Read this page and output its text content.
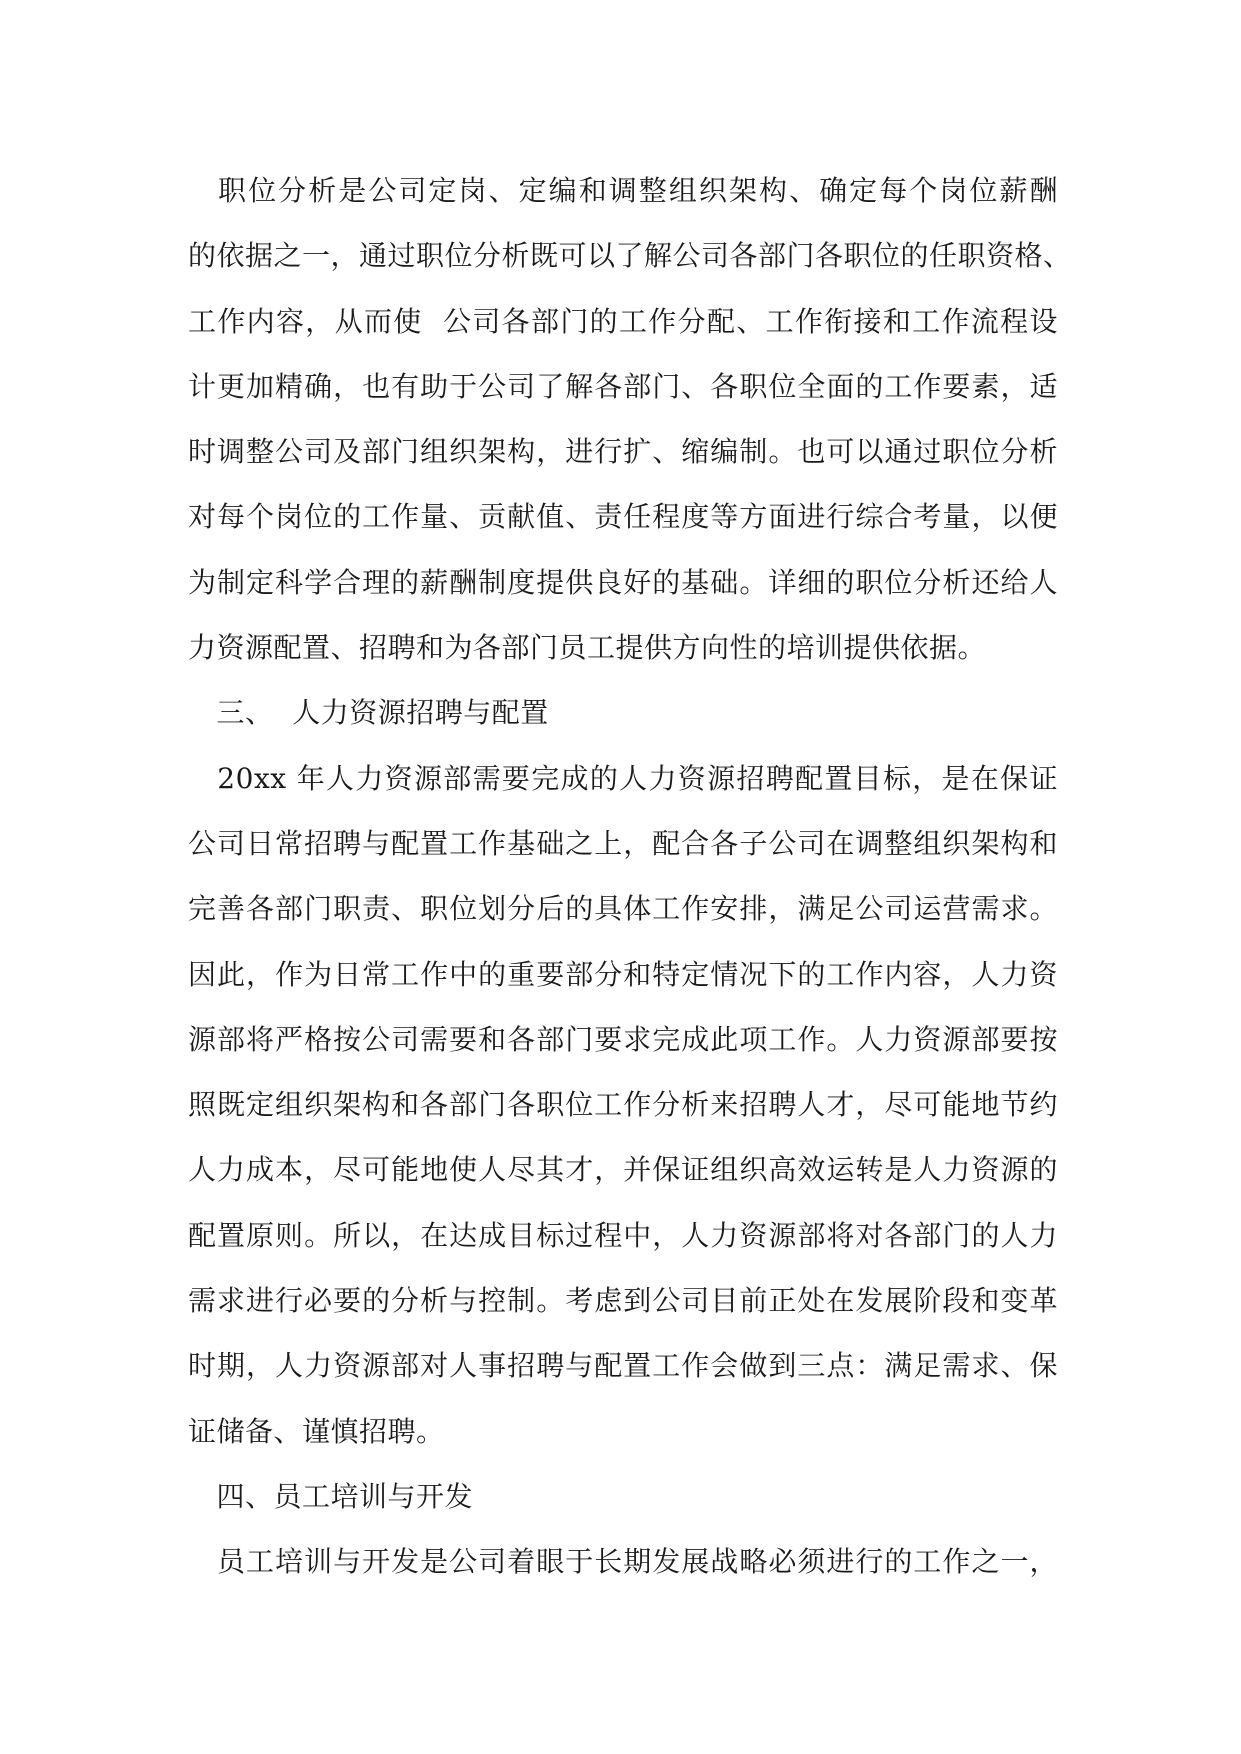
　职位分析是公司定岗、定编和调整组织架构、确定每个岗位薪酬
的依据之一，通过职位分析既可以了解公司各部门各职位的任职资格、
工作内容，从而使  公司各部门的工作分配、工作衔接和工作流程设
计更加精确，也有助于公司了解各部门、各职位全面的工作要素，适
时调整公司及部门组织架构，进行扩、缩编制。也可以通过职位分析
对每个岗位的工作量、贡献值、责任程度等方面进行综合考量，以便
为制定科学合理的薪酬制度提供良好的基础。详细的职位分析还给人
力资源配置、招聘和为各部门员工提供方向性的培训提供依据。
　三、  人力资源招聘与配置
　20xx 年人力资源部需要完成的人力资源招聘配置目标，是在保证
公司日常招聘与配置工作基础之上，配合各子公司在调整组织架构和
完善各部门职责、职位划分后的具体工作安排，满足公司运营需求。
因此，作为日常工作中的重要部分和特定情况下的工作内容，人力资
源部将严格按公司需要和各部门要求完成此项工作。人力资源部要按
照既定组织架构和各部门各职位工作分析来招聘人才，尽可能地节约
人力成本，尽可能地使人尽其才，并保证组织高效运转是人力资源的
配置原则。所以，在达成目标过程中，人力资源部将对各部门的人力
需求进行必要的分析与控制。考虑到公司目前正处在发展阶段和变革
时期，人力资源部对人事招聘与配置工作会做到三点：满足需求、保
证储备、谨慎招聘。
　四、员工培训与开发
　员工培训与开发是公司着眼于长期发展战略必须进行的工作之一，
